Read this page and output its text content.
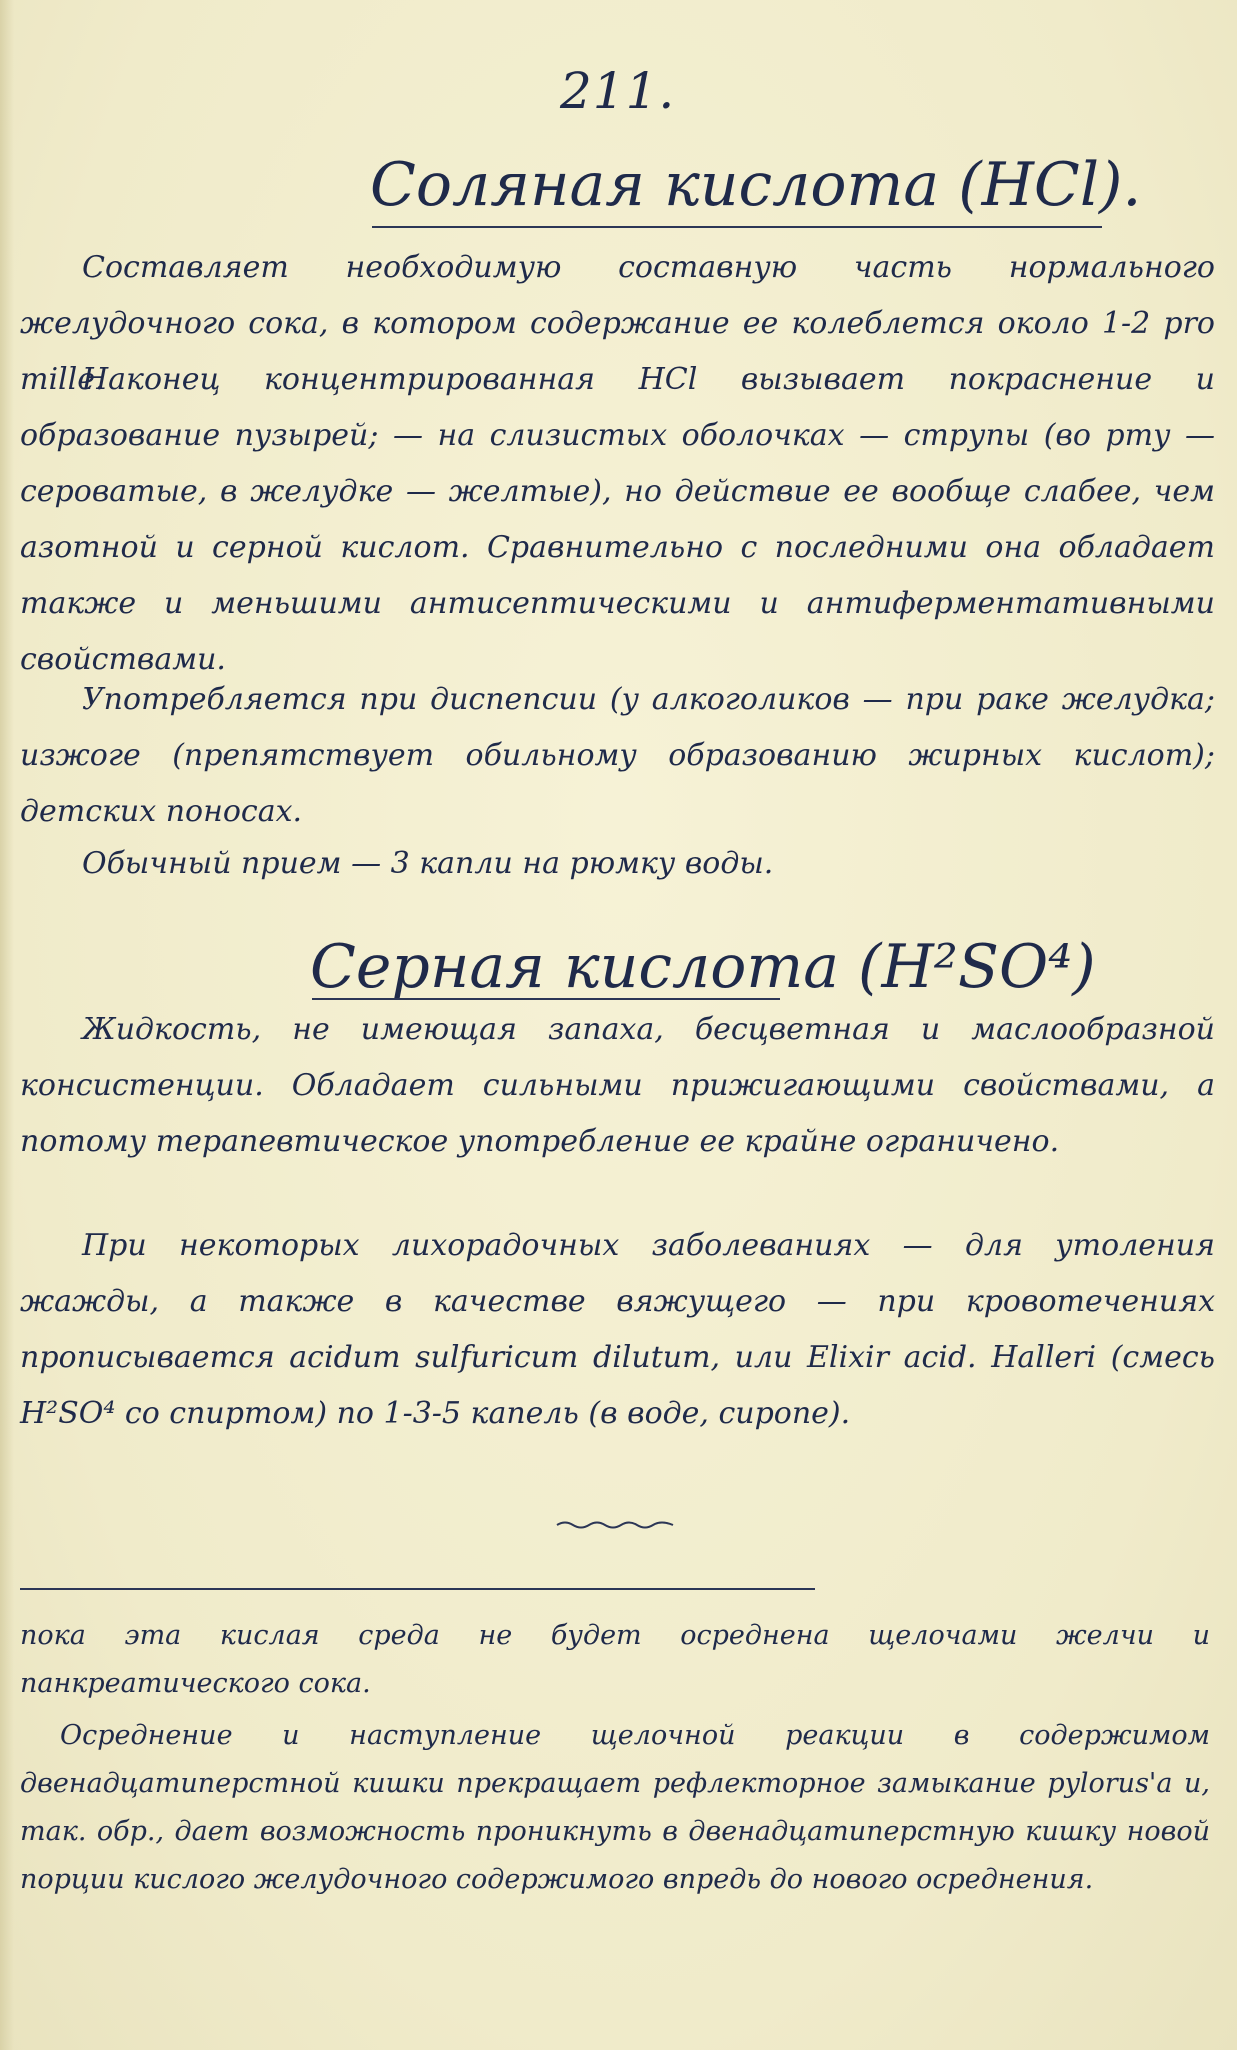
211.
Соляная кислота (HCl).
Составляет необходимую составную часть нормального желудочного сока, в котором содержание ее колеблется около 1-2 pro mille.
Наконец концентрированная HCl вызывает покраснение и образование пузырей; — на слизистых оболочках — струпы (во рту — сероватые, в желудке — желтые), но действие ее вообще слабее, чем азотной и серной кислот. Сравнительно с последними она обладает также и меньшими антисептическими и антиферментативными свойствами.
Употребляется при диспепсии (у алкоголиков — при раке желудка; изжоге (препятствует обильному образованию жирных кислот); детских поносах.
Обычный прием — 3 капли на рюмку воды.
Серная кислота (H²SO⁴)
Жидкость, не имеющая запаха, бесцветная и маслообразной консистенции. Обладает сильными прижигающими свойствами, а потому терапевтическое употребление ее крайне ограничено.
При некоторых лихорадочных заболеваниях — для утоления жажды, а также в качестве вяжущего — при кровотечениях прописывается acidum sulfuricum dilutum, или Elixir acid. Halleri (смесь H²SO⁴ со спиртом) по 1-3-5 капель (в воде, сиропе).
пока эта кислая среда не будет осреднена щелочами желчи и панкреатического сока.
Осреднение и наступление щелочной реакции в содержимом двенадцатиперстной кишки прекращает рефлекторное замыкание pylorus'а и, так. обр., дает возможность проникнуть в двенадцатиперстную кишку новой порции кислого желудочного содержимого впредь до нового осреднения.
